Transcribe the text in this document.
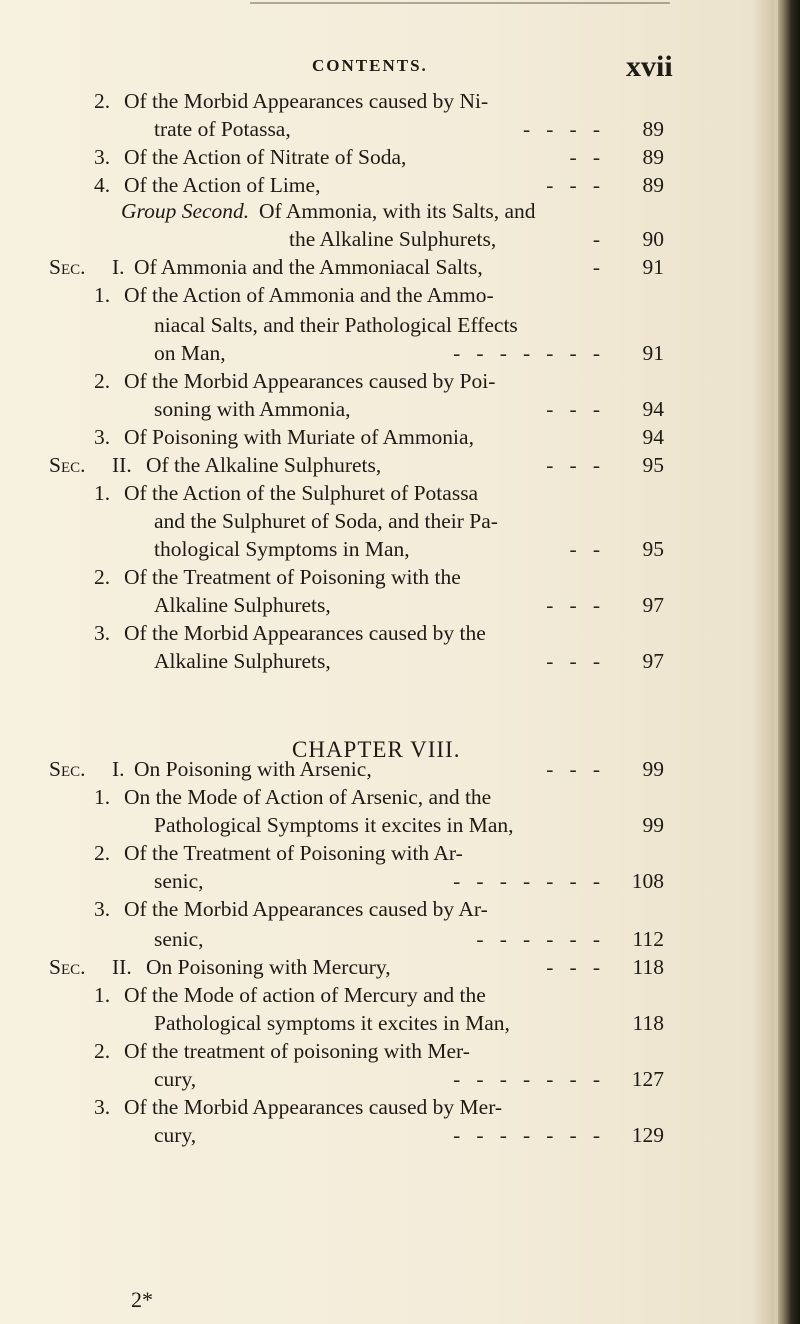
CONTENTS.	xvii
2. Of the Morbid Appearances caused by Ni-
trate of Potassa,	-   -   -   -	89
3. Of the Action of Nitrate of Soda,	-   -	89
4. Of the Action of Lime,	-   -   -	89
Group Second. Of Ammonia, with its Salts, and
the Alkaline Sulphurets,	-	90
Sec. I. Of Ammonia and the Ammoniacal Salts,	-	91
1. Of the Action of Ammonia and the Ammo-
niacal Salts, and their Pathological Effects
on Man,	-   -   -   -   -   -   -	91
2. Of the Morbid Appearances caused by Poi-
soning with Ammonia,	-   -   -	94
3. Of Poisoning with Muriate of Ammonia,	94
Sec. II. Of the Alkaline Sulphurets,	-   -   -	95
1. Of the Action of the Sulphuret of Potassa
and the Sulphuret of Soda, and their Pa-
thological Symptoms in Man,	-   -	95
2. Of the Treatment of Poisoning with the
Alkaline Sulphurets,	-   -   -	97
3. Of the Morbid Appearances caused by the
Alkaline Sulphurets,	-   -   -	97
Sec. I. On Poisoning with Arsenic,	-   -   -	99
1. On the Mode of Action of Arsenic, and the
Pathological Symptoms it excites in Man,	99
2. Of the Treatment of Poisoning with Ar-
senic,	-   -   -   -   -   -   -	108
3. Of the Morbid Appearances caused by Ar-
senic,	-   -   -   -   -   -	112
Sec. II. On Poisoning with Mercury,	-   -   -	118
1. Of the Mode of action of Mercury and the
Pathological symptoms it excites in Man,	118
2. Of the treatment of poisoning with Mer-
cury,	-   -   -   -   -   -   -	127
3. Of the Morbid Appearances caused by Mer-
cury,	-   -   -   -   -   -   -	129
CHAPTER VIII.
2*
